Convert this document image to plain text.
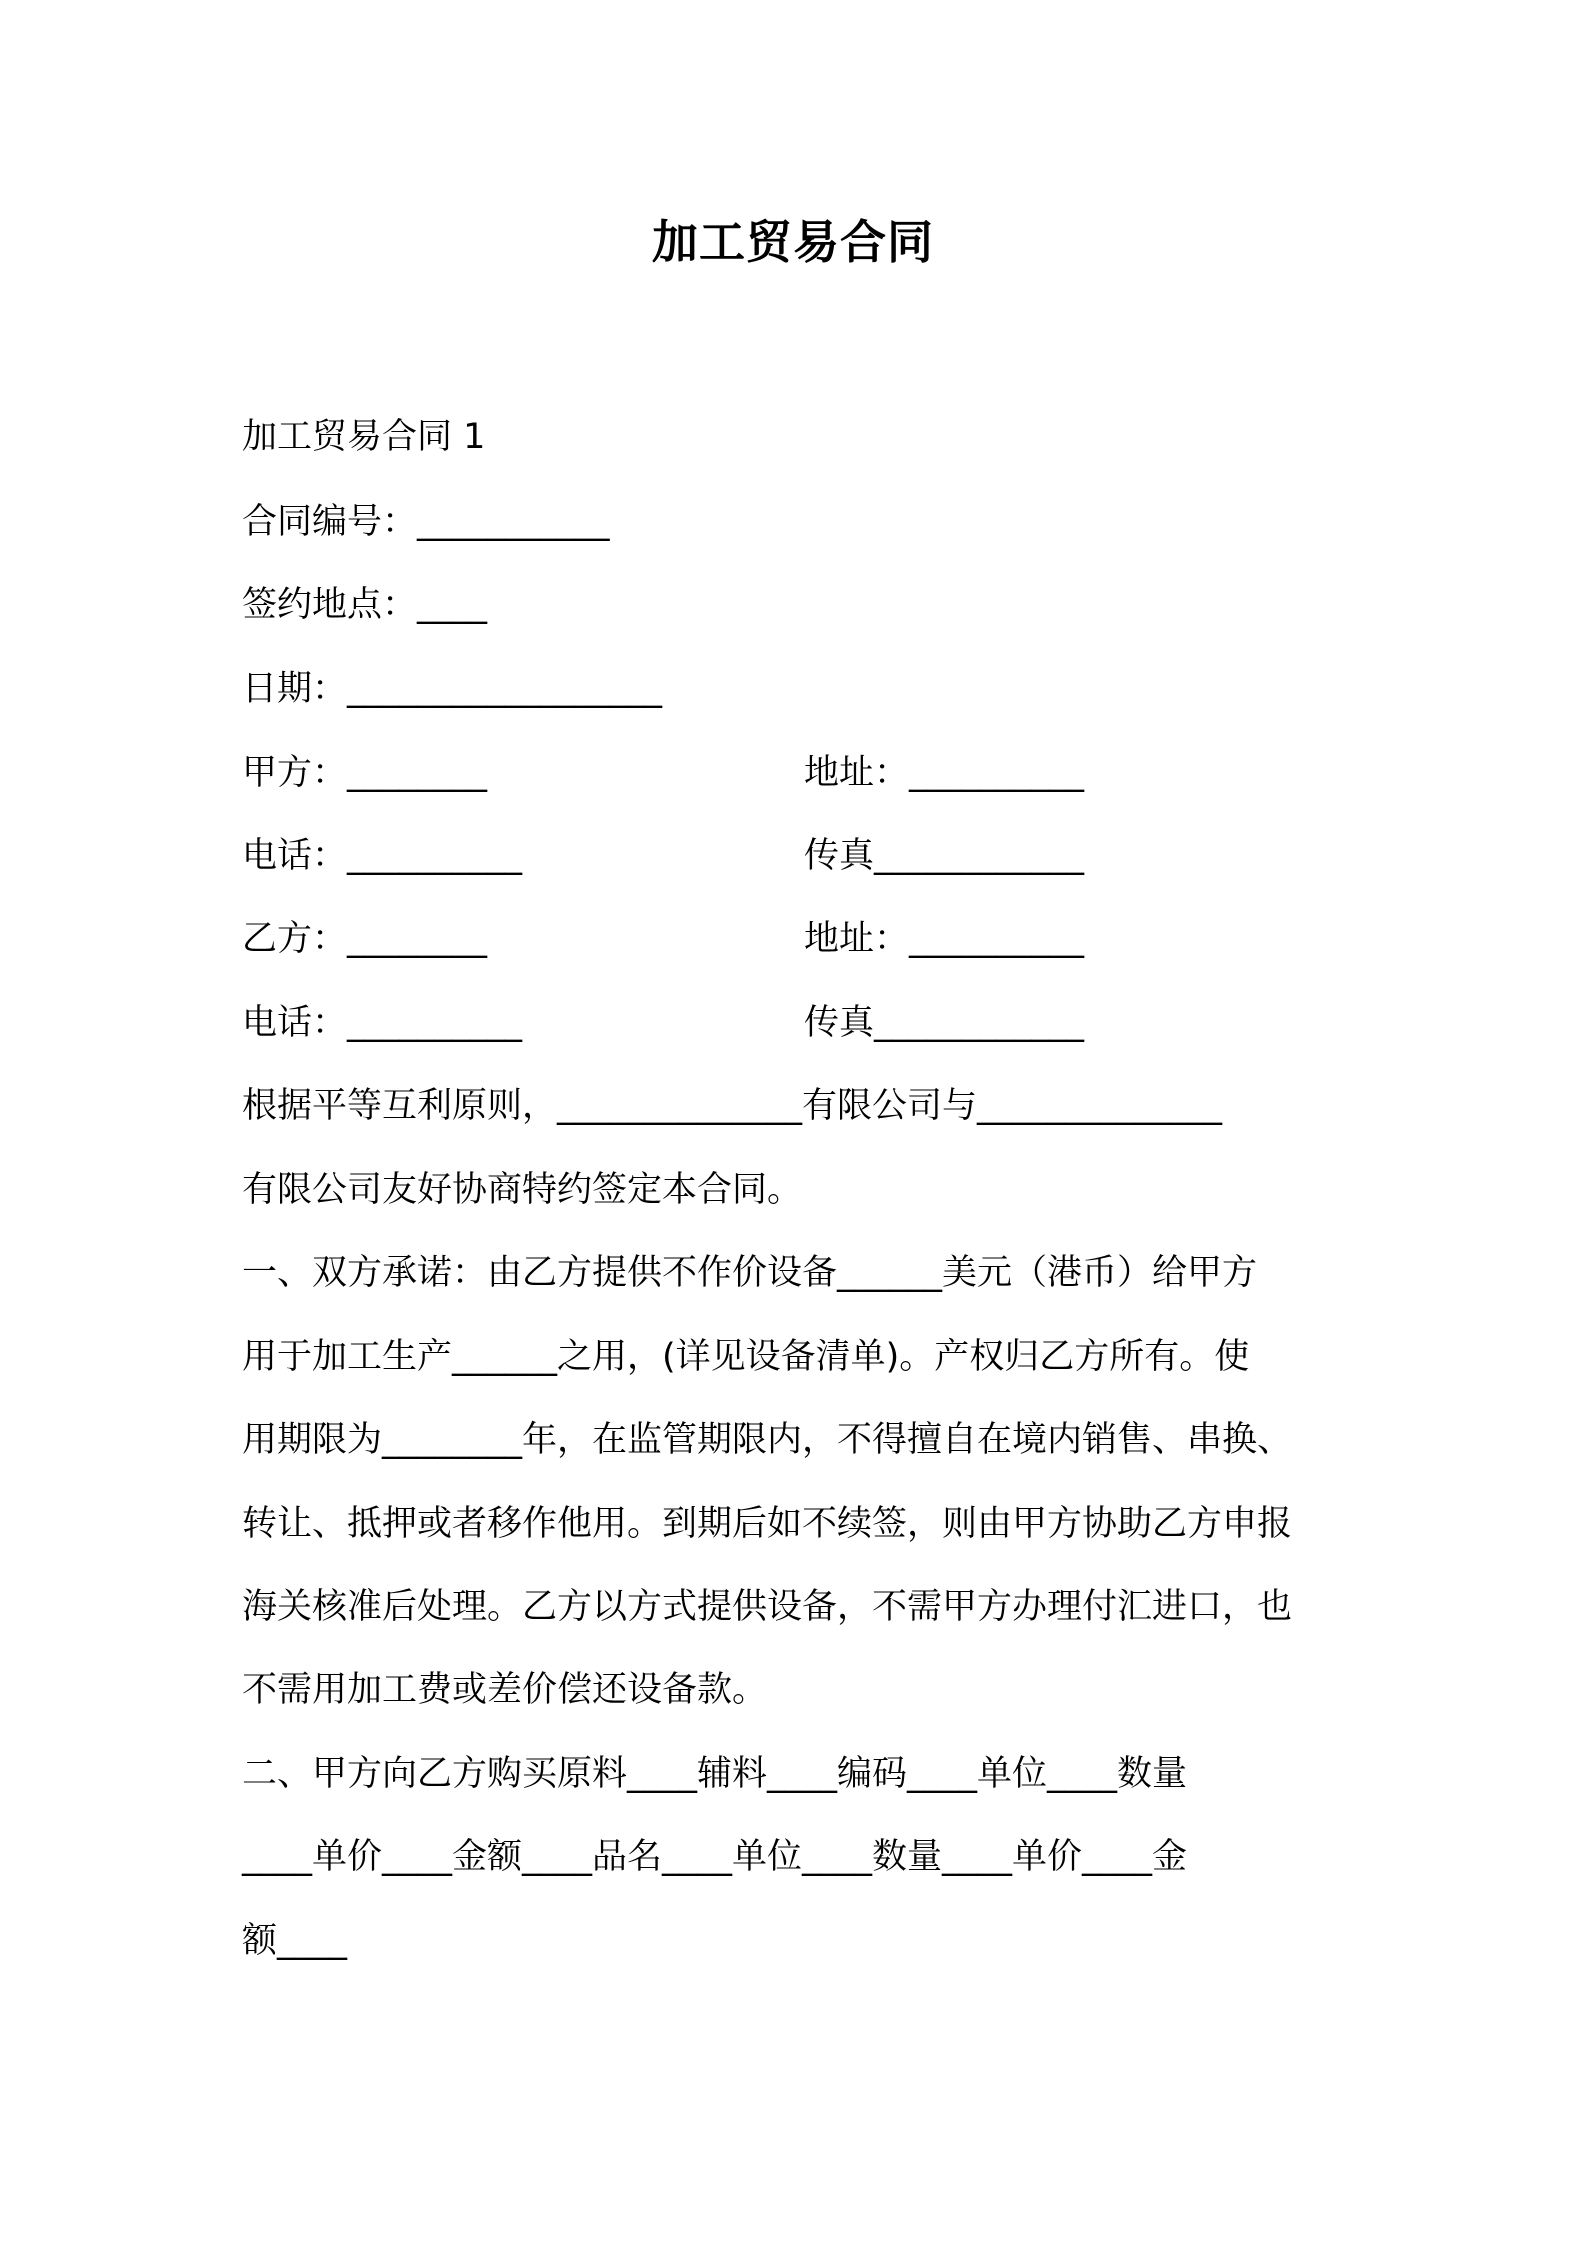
加工贸易合同
加工贸易合同 1
合同编号：___________
签约地点：____
日期：__________________
甲方：________	地址：__________
电话：__________	传真____________
乙方：________	地址：__________
电话：__________	传真____________
根据平等互利原则，______________有限公司与______________
有限公司友好协商特约签定本合同。
一、双方承诺：由乙方提供不作价设备______美元（港币）给甲方
用于加工生产______之用，(详见设备清单)。产权归乙方所有。使
用期限为________年，在监管期限内，不得擅自在境内销售、串换、
转让、抵押或者移作他用。到期后如不续签，则由甲方协助乙方申报
海关核准后处理。乙方以方式提供设备，不需甲方办理付汇进口，也
不需用加工费或差价偿还设备款。
二、甲方向乙方购买原料____辅料____编码____单位____数量
____单价____金额____品名____单位____数量____单价____金
额____
